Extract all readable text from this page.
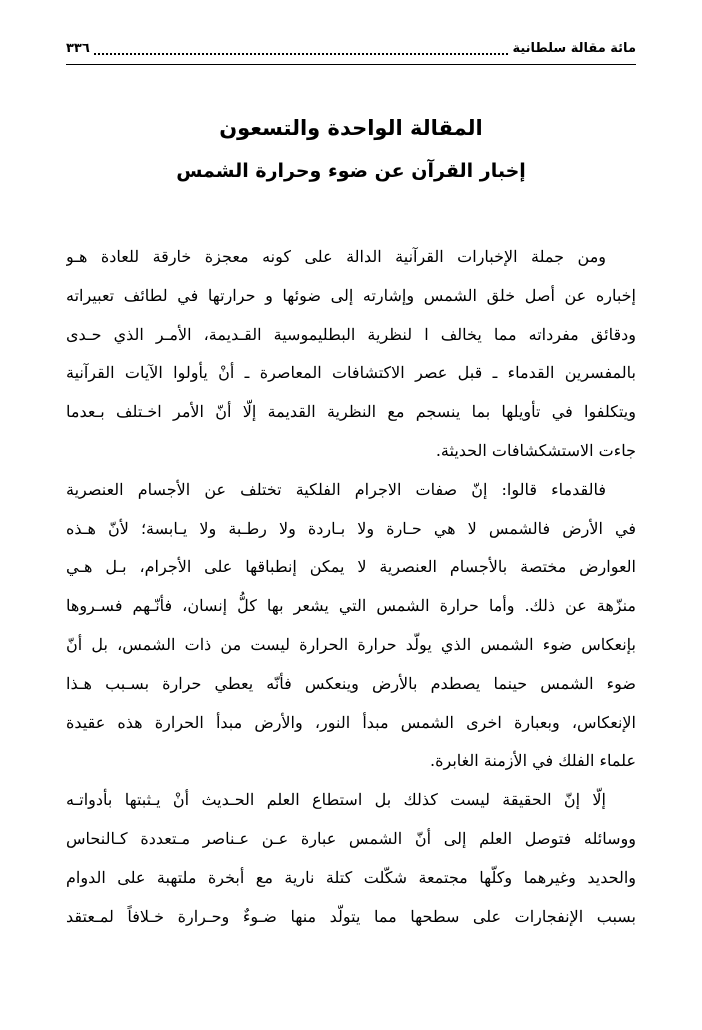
٣٣٦	مائة مقالة سلطانية
المقالة الواحدة والتسعون
إخبار القرآن عن ضوء وحرارة الشمس
ومن جملة الإخبارات القرآنية الدالة على كونه معجزة خارقة للعادة هـو
إخباره عن أصل خلق الشمس وإشارته إلى ضوئها و حرارتها في لطائف تعبيراته
ودقائق مفرداته مما يخالف ا لنظرية البطليموسية القـديمة، الأمـر الذي حـدى
بالمفسرين القدماء ـ قبل عصر الاكتشافات المعاصرة ـ أنْ يأولوا الآيات القرآنية
ويتكلفوا في تأويلها بما ينسجم مع النظرية القديمة إلّا أنّ الأمر اخـتلف بـعدما
جاءت الاستشكشافات الحديثة.
فالقدماء قالوا: إنّ صفات الاجرام الفلكية تختلف عن الأجسام العنصرية
في الأرض فالشمس لا هي حـارة ولا بـاردة ولا رطـبة ولا يـابسة؛ لأنّ هـذه
العوارض مختصة بالأجسام العنصرية لا يمكن إنطباقها على الأجرام، بـل هـي
منزّهة عن ذلك. وأما حرارة الشمس التي يشعر بها كلُّ إنسان، فأنّـهم فسـروها
بإنعكاس ضوء الشمس الذي يولّد حرارة الحرارة ليست من ذات الشمس، بل أنّ
ضوء الشمس حينما يصطدم بالأرض وينعكس فأنّه يعطي حرارة بسـبب هـذا
الإنعكاس، وبعبارة اخرى الشمس مبدأ النور، والأرض مبدأ الحرارة هذه عقيدة
علماء الفلك في الأزمنة الغابرة.
إلّا إنّ الحقيقة ليست كذلك بل استطاع العلم الحـديث أنْ يـثبتها بأدواتـه
ووسائله فتوصل العلم إلى أنّ الشمس عبارة عـن عـناصر مـتعددة كـالنحاس
والحديد وغيرهما وكلّها مجتمعة شكّلت كتلة نارية مع أبخرة ملتهبة على الدوام
بسبب الإنفجارات على سطحها مما يتولّد منها ضـوءٌ وحـرارة خـلافاً لمـعتقد
